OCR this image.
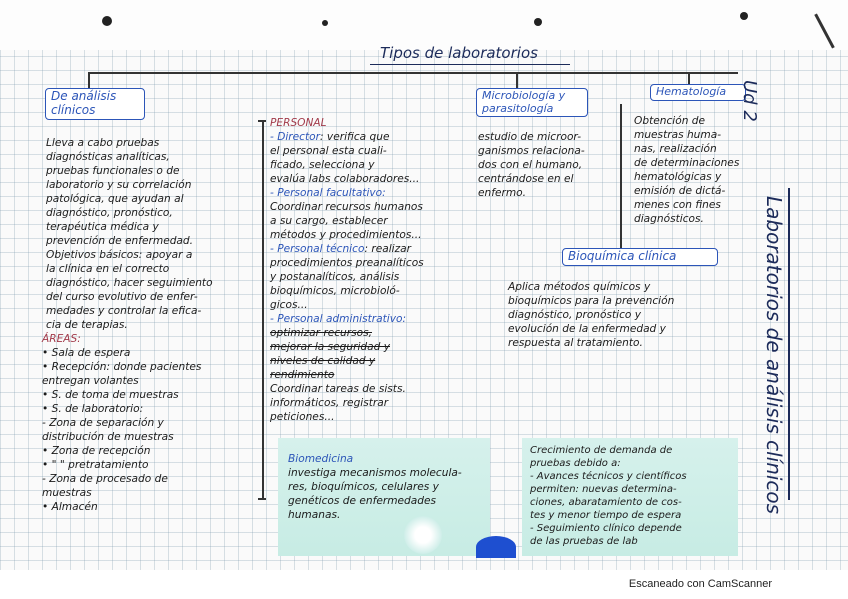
Tipos de laboratorios
De análisis clínicos

Lleva a cabo pruebas

diagnósticas analíticas,

pruebas funcionales o de

laboratorio y su correlación

patológica, que ayudan al

diagnóstico, pronóstico,

terapéutica médica y

prevención de enfermedad.

Objetivos básicos: apoyar a

la clínica en el correcto

diagnóstico, hacer seguimiento

del curso evolutivo de enfer-

medades y controlar la efica-

cia de terapias.

ÁREAS:

• Sala de espera

• Recepción: donde pacientes

entregan volantes

• S. de toma de muestras

• S. de laboratorio:

- Zona de separación y

distribución de muestras

• Zona de recepción

• " " pretratamiento

- Zona de procesado de

muestras

• Almacén

PERSONAL

- Director: verifica que

el personal esta cuali-

ficado, selecciona y

evalúa labs colaboradores...

- Personal facultativo:

Coordinar recursos humanos

a su cargo, establecer

métodos y procedimientos...

- Personal técnico: realizar

procedimientos preanalíticos

y postanalíticos, análisis

bioquímicos, microbioló-

gicos...

- Personal administrativo:

optimizar recursos,

mejorar la seguridad y

niveles de calidad y

rendimiento

Coordinar tareas de sists.

informáticos, registrar

peticiones...

Microbiología y parasitología

estudio de microor-

ganismos relaciona-

dos con el humano,

centrándose en el

enfermo.

Hematología

Obtención de

muestras huma-

nas, realización

de determinaciones

hematológicas y

emisión de dictá-

menes con fines

diagnósticos.

Bioquímica clínica

Aplica métodos químicos y

bioquímicos para la prevención

diagnóstico, pronóstico y

evolución de la enfermedad y

respuesta al tratamiento.

Biomedicina

investiga mecanismos molecula-

res, bioquímicos, celulares y

genéticos de enfermedades

humanas.

Crecimiento de demanda de

pruebas debido a:

- Avances técnicos y científicos

permiten: nuevas determina-

ciones, abaratamiento de cos-

tes y menor tiempo de espera

- Seguimiento clínico depende

de las pruebas de lab

Ud 2
Laboratorios de análisis clínicos
Escaneado con CamScanner
